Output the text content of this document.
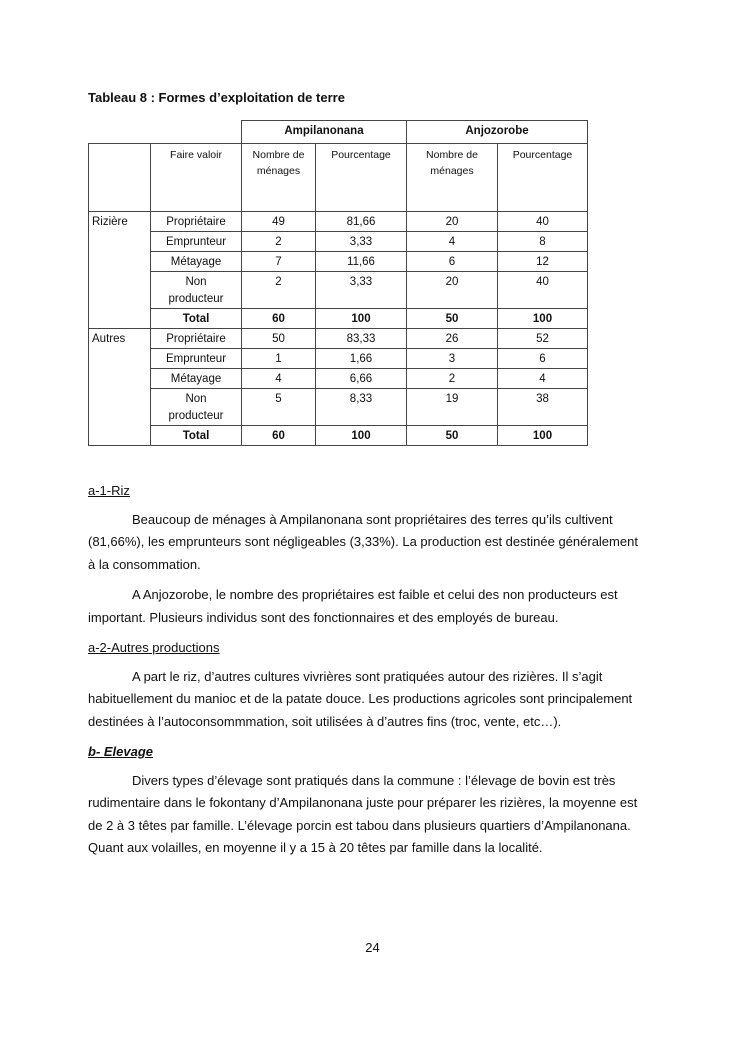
Tableau 8 : Formes d’exploitation de terre
		Ampilanonana		Anjozorobe	
	Faire valoir	Nombre de ménages	Pourcentage	Nombre de ménages	Pourcentage
Rizière	Propriétaire	49	81,66	20	40
	Emprunteur	2	3,33	4	8
	Métayage	7	11,66	6	12
	Non producteur	2	3,33	20	40
	Total	60	100	50	100
Autres	Propriétaire	50	83,33	26	52
	Emprunteur	1	1,66	3	6
	Métayage	4	6,66	2	4
	Non producteur	5	8,33	19	38
	Total	60	100	50	100

a-1-Riz

Beaucoup de ménages à Ampilanonana sont propriétaires des terres qu’ils cultivent (81,66%), les emprunteurs sont négligeables (3,33%). La production est destinée généralement à la consommation.

A Anjozorobe, le nombre des propriétaires est faible et celui des non producteurs est important. Plusieurs individus sont des fonctionnaires et des employés de bureau.

a-2-Autres productions

A part le riz, d’autres cultures vivrières sont pratiquées autour des rizières. Il s’agit habituellement du manioc et de la patate douce. Les productions agricoles sont principalement destinées à l’autoconsommmation, soit utilisées à d’autres fins (troc, vente, etc…).

b- Elevage

Divers types d’élevage sont pratiqués dans la commune : l’élevage de bovin est très rudimentaire dans le fokontany d’Ampilanonana juste pour préparer les rizières, la moyenne est de 2 à 3 têtes par famille. L’élevage porcin est tabou dans plusieurs quartiers d’Ampilanonana. Quant aux volailles, en moyenne il y a 15 à 20 têtes par famille dans la localité.

24
